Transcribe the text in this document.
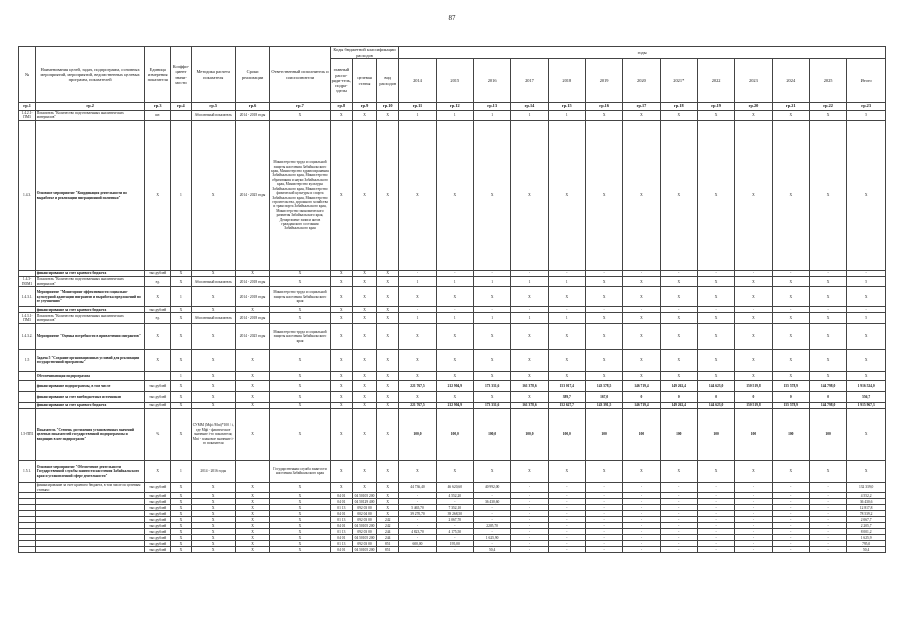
87
№	Наименования целей, задач, подпрограмм, основных мероприятий, мероприятий, ведомственных целевых программ, показателей	Единица измерения показателя	Коэффи-циент значи-мости	Методика расчета показателя	Сроки реализации	Ответственный исполнитель и соисполнители	Коды бюджетной классификации расходов			годы												
							главный распо-ряди-тель, подра-зделы	целевая статья	вид расходов	2014	2015	2016	2017	2018	2019	2020	2021*	2022	2023	2024	2025	Итого
гр.1	гр.2	гр.3	гр.4	гр.5	гр.6	гр.7	гр.8	гр.9	гр.10	гр.11	гр.12	гр.13	гр.14	гр.15	гр.16	гр.17	гр.18	гр.19	гр.20	гр.21	гр.22	гр.23
1.4.2.1- ПМ3	Показатель "Количество подготовленных аналитических материалов"	шт.		Абсолютный показатель	2014 - 2018 годы	X	X	X	X	1	1	1	1	1	X	X	X	X	X	X	X	5
1.4.3.	Основное мероприятие "Координация деятельности по выработке и реализации миграционной политики"	X	1	X	2014 - 2025 годы	Министерство труда и социальной защиты населения Забайкальского края, Министерство здравоохранения Забайкальского края, Министерство образования и науки Забайкальского края, Министерство культуры Забайкальского края, Министерство физической культуры и спорта Забайкальского края, Министерство строительства, дорожного хозяйства и транспорта Забайкальского края, Министерство экономического развития Забайкальского края, Департамент записи актов гражданского состояния Забайкальского края	X	X	X	X	X	X	X	X	X	X	X	X	X	X	X	X
	финансирование за счет краевого бюджета	тыс.рублей	X	X	X	X	X	X	X	-	-	-	-	-	-	-	-	-	-	-	-	-
1.4.3- ПОМ1	Показатель "Количество подготовленных аналитических материалов"	ед.	X	Абсолютный показатель	2014 - 2018 годы	X	X	X	X	1	1	1	1	1	X	X	X	X	X	X	X	5
1.4.3.1.	Мероприятие "Мониторинг эффективности социально-культурной адаптации мигрантов и выработка предложений по ее улучшению"	X	1	X	2014 - 2018 годы	Министерство труда и социальной защиты населения Забайкальского края	X	X	X	X	X	X	X	X	X	X	X	X	X	X	X	X
	финансирование за счет краевого бюджета	тыс.рублей	X	X	X	X	X	X	X	-	-	-	-	-	-	-	-	-	-	-	-	-
1.4.3.1- ПМ3	Показатель "Количество подготовленных аналитических материалов"	ед.	X	Абсолютный показатель	2014 - 2018 годы	X	X	X	X	1	1	1	1	1	X	X	X	X	X	X	X	5
1.4.3.2.	Мероприятие "Оценка потребности в привлечении мигрантов"	X	X	X	2014 - 2025 годы	Министерство труда и социальной защиты населения Забайкальского края	X	X	X	X	X	X	X	X	X	X	X	X	X	X	X	X
1.5	Задача 5 "Создание организационных условий для реализации государственной программы"	X	X	X	X	X	X	X	X	X	X	X	X	X	X	X	X	X	X	X	X	X
	Обеспечивающая подпрограмма		1	X	X	X	X	X	X	X	X	X	X	X	X	X	X	X	X	X	X	X
	финансирование подпрограммы, в том числе	тыс.рублей	X	X	X	X	X	X	X	221 767,5	212 904,9	173 331,6	161 378,6	153 017,4	143 578,5	146 719,4	149 262,4	144 623,0	150 519,8	155 578,9	144 798,0	1 916 524,0
	финансирование за счет внебюджетных источников	тыс.рублей	X	X	X	X	X	X	X	X	X	X	X	389,7	167,0	0	0	0	0	0	0	556,7
	финансирование за счет краевого бюджета	тыс.рублей	X	X	X	X	X	X	X	221 767,5	212 904,9	173 331,6	161 378,6	152 627,7	143 391,5	146 719,4	149 262,4	144 623,0	150 519,8	155 578,9	144 798,0	1 915 967,3
1.5-ПП1	Показатель "Степень достижения установленных значений целевых показателей государственной подпрограммы и входящих в нее подпрограмм"	%	X	СУММ (Мфi /Мпi)*100 / i, где Мфi - фактическое значение i-го показателя; Мпi - плановое значение i-го показателя	X	X	X	X	X	100,0	100,0	100,0	100,0	100,0	100	100	100	100	100	100	100	X
1.5.1.	Основное мероприятие "Обеспечение деятельности Государственной службы занятости населения Забайкальского края и установленной сфере деятельности"	X	1	2014 - 2016 годы		Государственная служба занятости населения Забайкальского края	X	X	X	X	X	X	X	X	X	X	X	X	X	X	X	X
	финансирование за счет краевого бюджета, в том числе по целевым статьям:	тыс.рублей	X	X	X	X	X	X	X	44 736,40	46 620,60	40 992,00	-	-	-	-	-	-	-	-	-	132 339,0
		тыс.рублей	X	X	X	X	04 01	04 50105 200	X	-	4 552,20	-	-	-	-	-	-	-	-	-	-	4 552,2
		тыс.рублей	X	X	X	X	04 01	04 50129 400	X	-	-	36 430,60	-	-	-	-	-	-	-	-	-	36 430,6
		тыс.рублей	X	X	X	X	01 13	092 03 00	X	5 465,70	7 352,10	-	-	-	-	-	-	-	-	-	-	12 817,8
		тыс.рублей	X	X	X	X	04 01	002 04 00	X	39 270,70	39 268,50	-	-	-	-	-	-	-	-	-	-	78 539,2
		тыс.рублей	X	X	X	X	01 13	092 03 00	242	-	2 067,70	-	-	-	-	-	-	-	-	-	-	2 067,7
		тыс.рублей	X	X	X	X	04 01	04 50105 200	242	-	-	2205,70	-	-	-	-	-	-	-	-	-	2 205,7
		тыс.рублей	X	X	X	X	01 13	092 03 00	244	4 823,70	4 175,50	-	-	-	-	-	-	-	-	-	-	8 001,2
		тыс.рублей	X	X	X	X	04 01	04 50105 200	244	-	-	1 625,90	-	-	-	-	-	-	-	-	-	1 625,9
		тыс.рублей	X	X	X	X	01 13	092 03 00	851	600,00	195,00	-	-	-	-	-	-	-	-	-	-	795,0
		тыс.рублей	X	X	X	X	04 01	04 50105 200	851	-	-	50,4	-	-	-	-	-	-	-	-	-	50,4
